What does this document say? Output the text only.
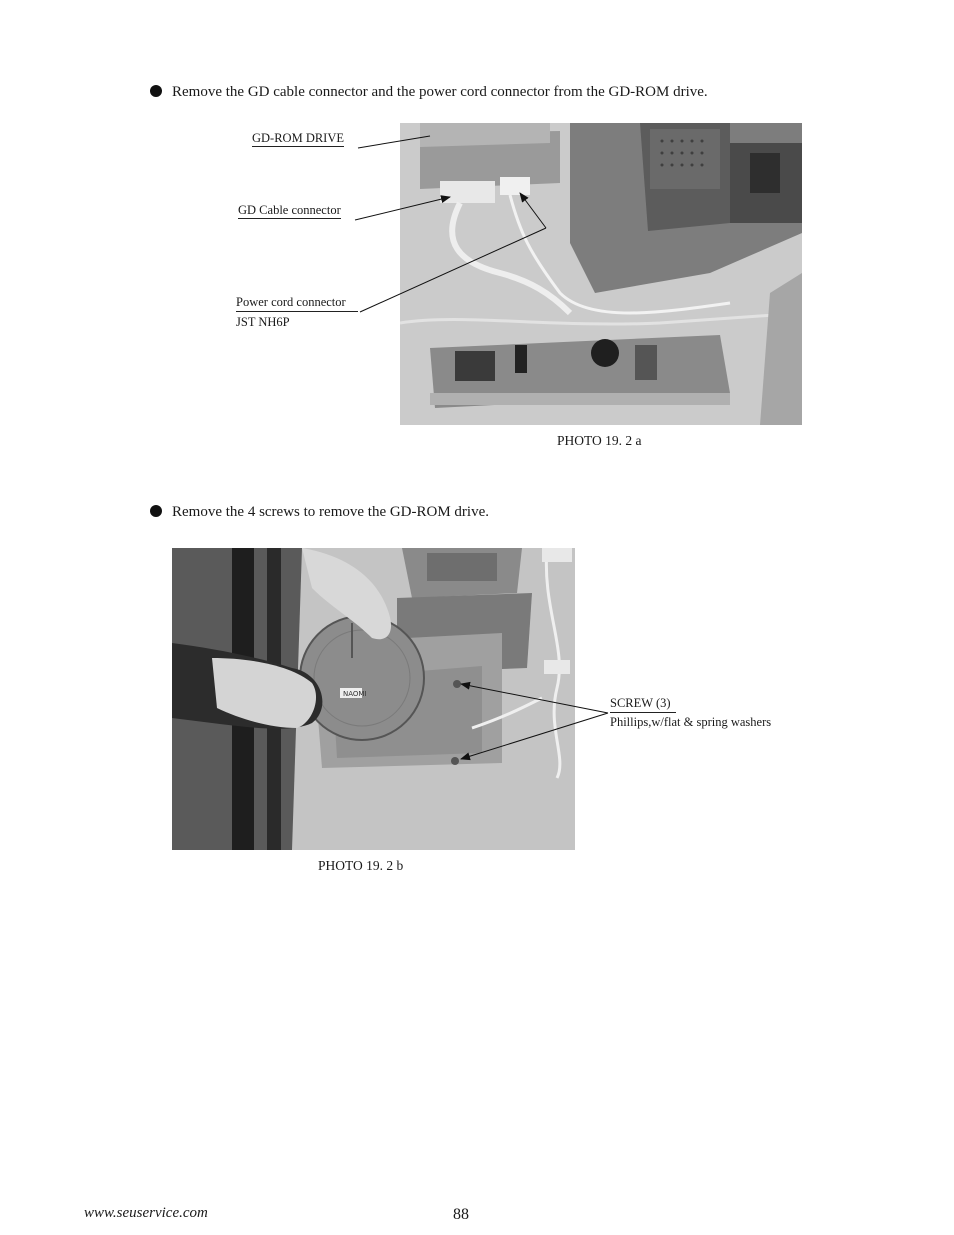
Remove the GD cable connector and the power cord connector from the GD-ROM drive.
GD-ROM DRIVE
GD Cable connector
Power cord connector
JST NH6P
PHOTO 19. 2 a
Remove the 4 screws to remove the GD-ROM drive.
NAOMI
SCREW (3)
Phillips,w/flat & spring washers
PHOTO 19. 2 b
www.seuservice.com	88
